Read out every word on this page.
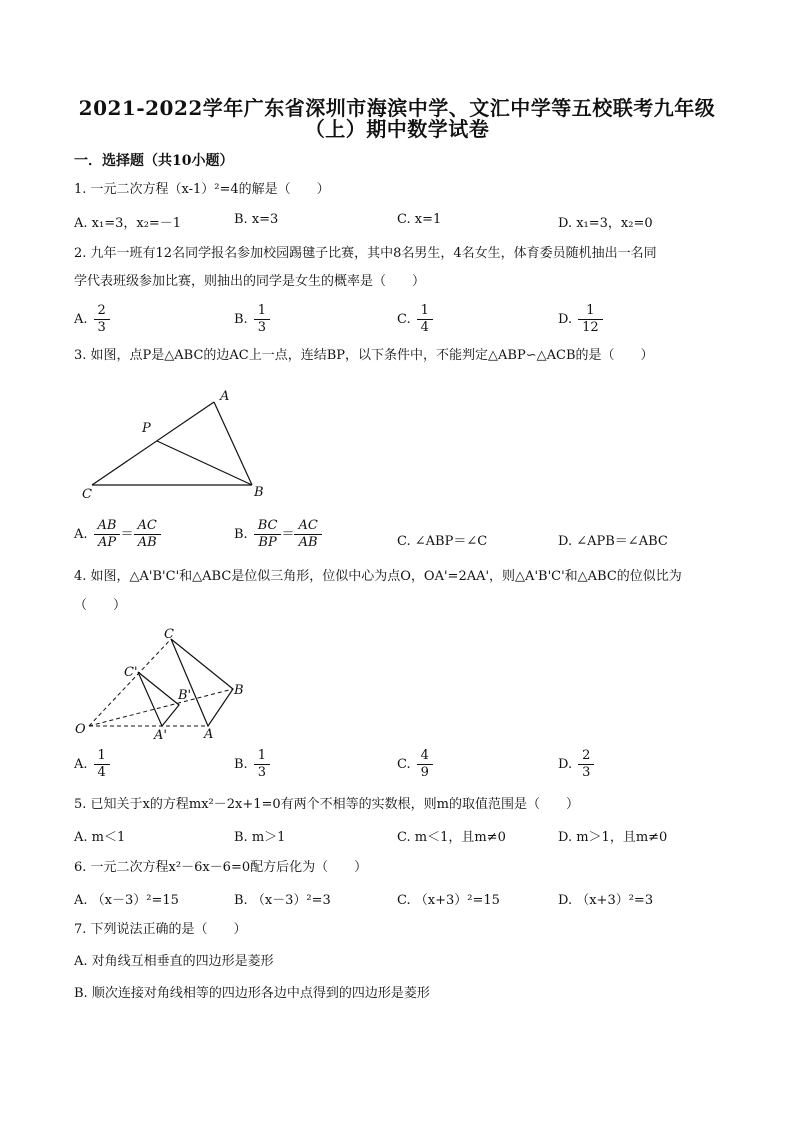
2021-2022学年广东省深圳市海滨中学、文汇中学等五校联考九年级
（上）期中数学试卷
一．选择题（共10小题）
1. 一元二次方程（x-1）²=4的解是（　　）
A. x₁=3，x₂=－1	B. x=3	C. x=1	D. x₁=3，x₂=0
2. 九年一班有12名同学报名参加校园踢毽子比赛，其中8名男生，4名女生，体育委员随机抽出一名同
学代表班级参加比赛，则抽出的同学是女生的概率是（　　）
A. $\frac{2}{3}$	B. $\frac{1}{3}$	C. $\frac{1}{4}$	D. $\frac{1}{12}$
3. 如图，点P是△ABC的边AC上一点，连结BP，以下条件中，不能判定△ABP∽△ACB的是（　　）
A
B
C
P
A. $\frac{AB}{AP} = \frac{AC}{AB}$	B. $\frac{BC}{BP} = \frac{AC}{AB}$	C. ∠ABP＝∠C	D. ∠APB＝∠ABC
4. 如图，△A'B'C'和△ABC是位似三角形，位似中心为点O，OA'=2AA'，则△A'B'C'和△ABC的位似比为
（　　）
O	A
B
C
A'
B'
C'
A. $\frac{1}{4}$	B. $\frac{1}{3}$	C. $\frac{4}{9}$	D. $\frac{2}{3}$
5. 已知关于x的方程mx²－2x+1=0有两个不相等的实数根，则m的取值范围是（　　）
A. m＜1	B. m＞1	C. m＜1，且m≠0	D. m＞1，且m≠0
6. 一元二次方程x²－6x－6=0配方后化为（　　）
A. （x－3）²=15	B. （x－3）²=3	C. （x+3）²=15	D. （x+3）²=3
7. 下列说法正确的是（　　）
A. 对角线互相垂直的四边形是菱形
B. 顺次连接对角线相等的四边形各边中点得到的四边形是菱形
